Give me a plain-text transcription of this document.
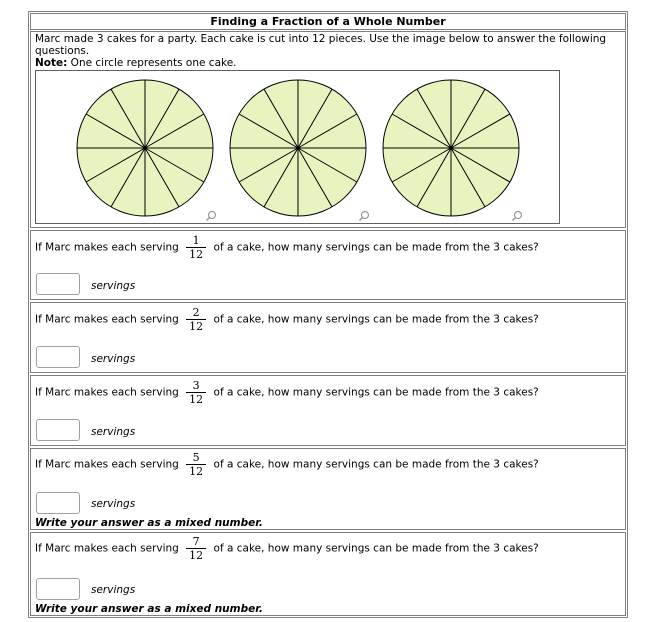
Finding a Fraction of a Whole Number
Marc made 3 cakes for a party. Each cake is cut into 12 pieces. Use the image below to answer the following questions.
Note: One circle represents one cake.
If Marc makes each serving $\frac{1}{12}$ of a cake, how many servings can be made from the 3 cakes?
servings
If Marc makes each serving $\frac{2}{12}$ of a cake, how many servings can be made from the 3 cakes?
servings
If Marc makes each serving $\frac{3}{12}$ of a cake, how many servings can be made from the 3 cakes?
servings
If Marc makes each serving $\frac{5}{12}$ of a cake, how many servings can be made from the 3 cakes?
servings
Write your answer as a mixed number.
If Marc makes each serving $\frac{7}{12}$ of a cake, how many servings can be made from the 3 cakes?
servings
Write your answer as a mixed number.
